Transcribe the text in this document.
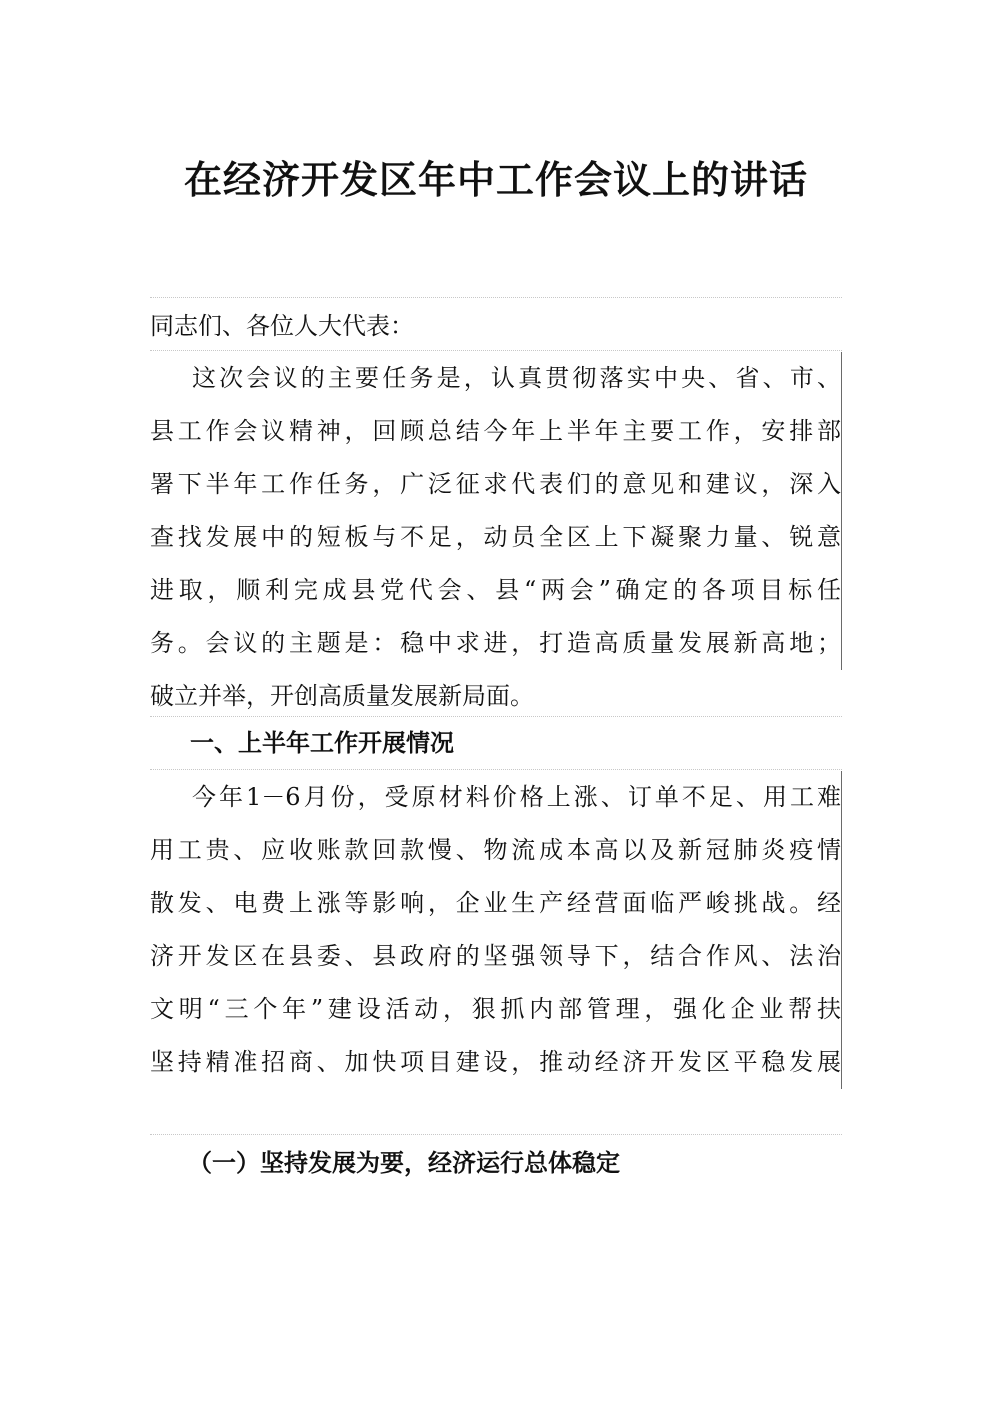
在经济开发区年中工作会议上的讲话
同志们、各位人大代表：
这次会议的主要任务是，认真贯彻落实中央、省、市、
县工作会议精神，回顾总结今年上半年主要工作，安排部
署下半年工作任务，广泛征求代表们的意见和建议，深入
查找发展中的短板与不足，动员全区上下凝聚力量、锐意
进取，顺利完成县党代会、县“两会”确定的各项目标任
务。会议的主题是：稳中求进，打造高质量发展新高地；
破立并举，开创高质量发展新局面。
一、上半年工作开展情况
今年1－6月份，受原材料价格上涨、订单不足、用工难
用工贵、应收账款回款慢、物流成本高以及新冠肺炎疫情
散发、电费上涨等影响，企业生产经营面临严峻挑战。经
济开发区在县委、县政府的坚强领导下，结合作风、法治
文明“三个年”建设活动，狠抓内部管理，强化企业帮扶
坚持精准招商、加快项目建设，推动经济开发区平稳发展
（一）坚持发展为要，经济运行总体稳定
